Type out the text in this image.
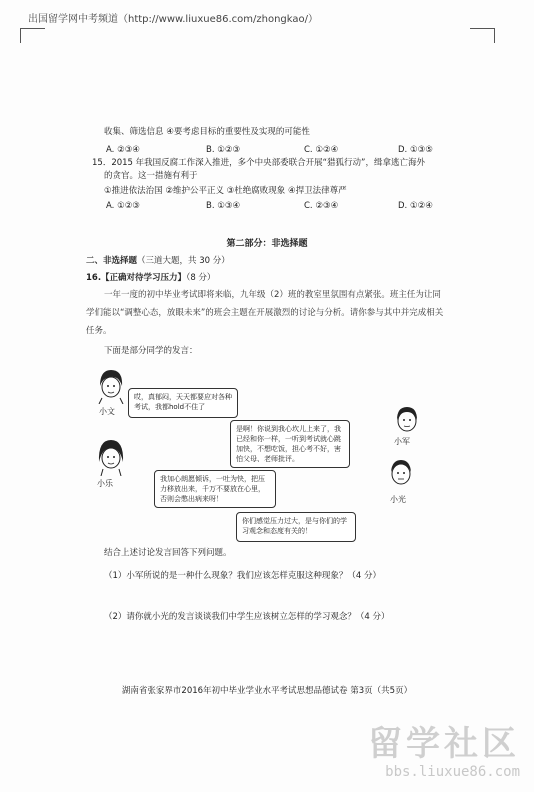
出国留学网中考频道（http://www.liuxue86.com/zhongkao/）
收集、筛选信息 ④要考虑目标的重要性及实现的可能性
A. ②③④	B. ①②③	C. ①②④	D. ①③⑤
15．2015 年我国反腐工作深入推进，多个中央部委联合开展“猎狐行动”，缉拿逃亡海外
的贪官。这一措施有利于
①推进依法治国 ②维护公平正义 ③杜绝腐败现象 ④捍卫法律尊严
A. ①②③	B. ①③④	C. ②③④	D. ①②④
第二部分：非选择题
二、非选择题（三道大题，共 30 分）
16.【正确对待学习压力】（8 分）
一年一度的初中毕业考试即将来临，九年级（2）班的教室里氛围有点紧张。班主任为让同学们能以“调整心态，放眼未来”的班会主题在开展激烈的讨论与分析。请你参与其中并完成相关任务。
下面是部分同学的发言：
小文
哎，真郁闷，天天都要应对各种考试，我都hold不住了
小军
是啊！你说到我心坎儿上来了，我已经和你一样，一听到考试就心跳加快，不想吃饭，担心考不好，害怕父母、老师批评。
小乐	我加心朗愿倾诉，一吐为快，把压力移放出来，千万不要放在心里，否则会憋出病来呀！	小光
你们感觉压力过大，是与你们的学习观念和态度有关的！
结合上述讨论发言回答下列问题。
（1）小军所说的是一种什么现象？我们应该怎样克服这种现象？（4 分）
（2）请你就小光的发言谈谈我们中学生应该树立怎样的学习观念？（4 分）
湖南省张家界市2016年初中毕业学业水平考试思想品德试卷 第3页（共5页）
留学社区
bbs.liuxue86.com
